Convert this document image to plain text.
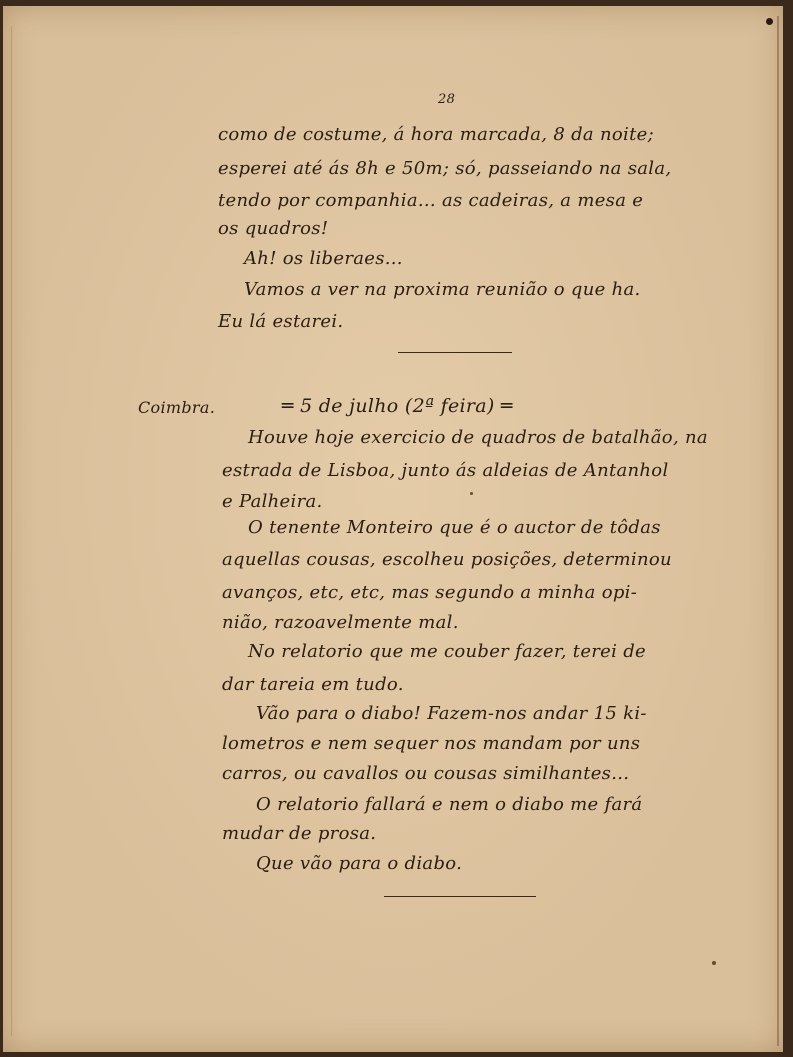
28
como de costume, á hora marcada, 8 da noite;
esperei até ás 8h e 50m; só, passeiando na sala,
tendo por companhia... as cadeiras, a mesa e
os quadros!
Ah! os liberaes...
Vamos a ver na proxima reunião o que ha.
Eu lá estarei.
Coimbra.	═ 5 de julho (2ª feira) ═
Houve hoje exercicio de quadros de batalhão, na
estrada de Lisboa, junto ás aldeias de Antanhol
e Palheira.
O tenente Monteiro que é o auctor de tôdas
aquellas cousas, escolheu posições, determinou
avanços, etc, etc, mas segundo a minha opi-
nião, razoavelmente mal.
No relatorio que me couber fazer, terei de
dar tareia em tudo.
Vão para o diabo! Fazem-nos andar 15 ki-
lometros e nem sequer nos mandam por uns
carros, ou cavallos ou cousas similhantes...
O relatorio fallará e nem o diabo me fará
mudar de prosa.
Que vão para o diabo.
